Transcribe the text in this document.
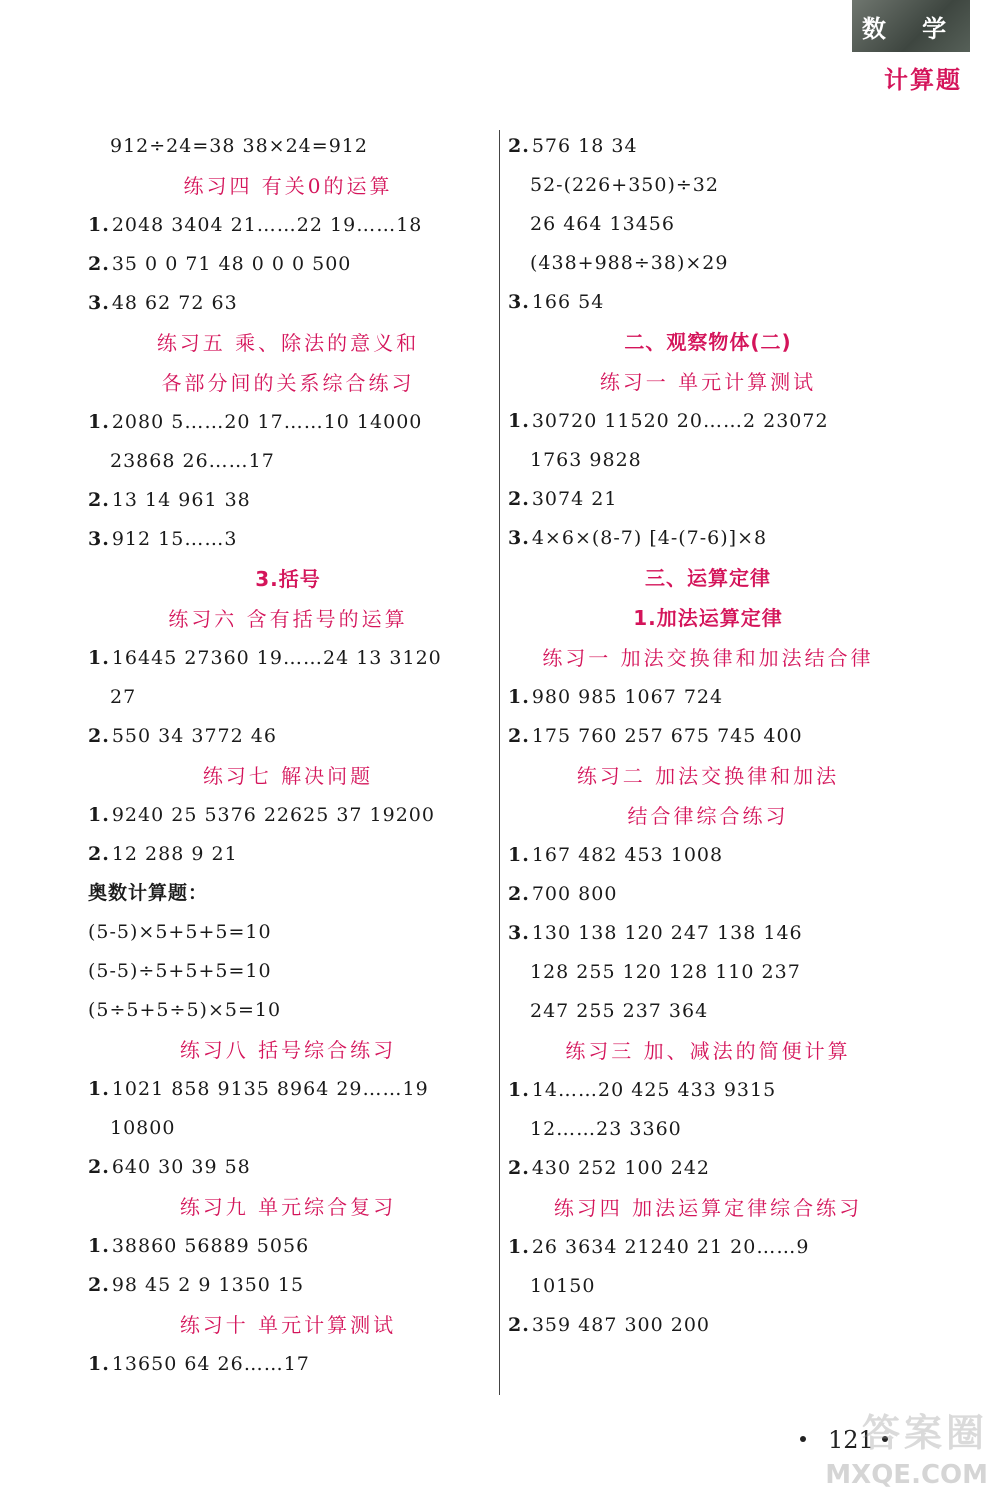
数 学
计算题
912÷24=38 38×24=912
练习四 有关0的运算
1. 2048 3404 21……22 19……18
2. 35 0 0 71 48 0 0 0 500
3. 48 62 72 63
练习五 乘、除法的意义和
各部分间的关系综合练习
1. 2080 5……20 17……10 14000
23868 26……17
2. 13 14 961 38
3. 912 15……3
3.括号
练习六 含有括号的运算
1. 16445 27360 19……24 13 3120
27
2. 550 34 3772 46
练习七 解决问题
1. 9240 25 5376 22625 37 19200
2. 12 288 9 21
奥数计算题：
(5-5)×5+5+5=10
(5-5)÷5+5+5=10
(5÷5+5÷5)×5=10
练习八 括号综合练习
1. 1021 858 9135 8964 29……19
10800
2. 640 30 39 58
练习九 单元综合复习
1. 38860 56889 5056
2. 98 45 2 9 1350 15
练习十 单元计算测试
1. 13650 64 26……17
2. 576 18 34
52-(226+350)÷32
26 464 13456
(438+988÷38)×29
3. 166 54
二、观察物体(二)
练习一 单元计算测试
1. 30720 11520 20……2 23072
1763 9828
2. 3074 21
3. 4×6×(8-7) [4-(7-6)]×8
三、运算定律
1.加法运算定律
练习一 加法交换律和加法结合律
1. 980 985 1067 724
2. 175 760 257 675 745 400
练习二 加法交换律和加法
结合律综合练习
1. 167 482 453 1008
2. 700 800
3. 130 138 120 247 138 146
128 255 120 128 110 237
247 255 237 364
练习三 加、减法的简便计算
1. 14……20 425 433 9315
12……23 3360
2. 430 252 100 242
练习四 加法运算定律综合练习
1. 26 3634 21240 21 20……9
10150
2. 359 487 300 200
121
答案圈
MXQE.COM
